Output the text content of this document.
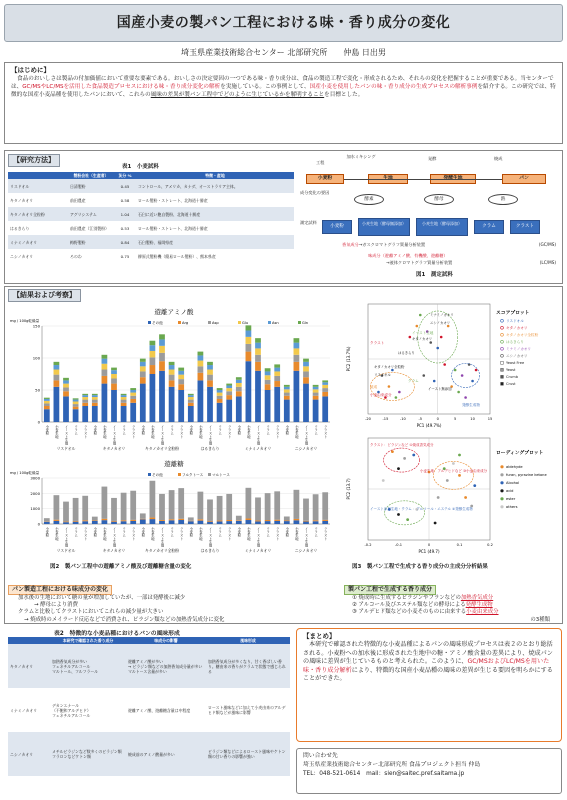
国産小麦の製パン工程における味・香り成分の変化
埼玉県産業技術総合センター 北部研究所　　仲島 日出男
【はじめに】
食品のおいしさは製品の付加価値において重要な要素である。おいしさの決定要因の一つである味・香り成分は、食品の製造工程で変化・形成されるため、それらの変化を把握することが重要である。当センターでは、GC/MSやLC/MSを活用した食品製造プロセスにおける味・香り成分変化の解析を実施している。この事例として、国産小麦を使用したパンの味・香り成分の生成プロセスの解析事例を紹介する。この研究では、特徴的な国産小麦品種を使用したパンにおいて、これらの風味の差異が製パン工程中でどのように生じているかを解明することを目標とした。
【研究方法】
表1　小麦試料
	製粉会社（生産者）	灰分 %	特徴・産地
リスドオル	日清製粉	0.45	コントロール、アメリカ、カナダ、オーストラリア主体。
キタノカオリ	前田農産	0.58	ロール製粉・ストレート、北海道十勝産
キタノカオリ全粒粉	アグリシステム	1.04	石臼に近い飽自製粉、北海道十勝産
はるきらり	前田農産（江別製粉）	0.53	ロール製粉・ストレート、北海道十勝産
ミナミノカオリ	梅野製粉	0.84	石臼製粉、福岡県産
ニシノカオリ	ろのわ	0.75	柳原式製粉機（簡易ロール製粉）、熊本県産
工程
加水ミキシング	発酵	焼成
小麦粉	パン
成分変化の要因
酵素	酵母	熱
測定試料
小麦粉
小麦生地（酵母無添加）	小麦生地（酵母添加）
クラム	クラスト
香気成分→ガスクロマトグラフ質量分析装置	(GC/MS)
味成分（遊離アミノ酸、有機酸、遊離糖）
→液体クロマトグラフ質量分析装置	(LC/MS)
図1　測定試料
【結果および考察】
遊離アミノ酸
mg / 100g乾燥量
0
50
100
150
その他	Arg	Asp	Glu	Asn	Gln
小麦粉 小麦生地 イースト生地 クラム クラスト
リスドオル
小麦粉 小麦生地 イースト生地 クラム クラスト
キタノカオリ
小麦粉 小麦生地 イースト生地 クラム クラスト
キタノカオリ全粒粉
小麦粉 小麦生地 イースト生地 クラム クラスト
はるきらり
小麦粉 小麦生地 イースト生地 クラム クラスト
ミナミノカオリ
小麦粉 小麦生地 イースト生地 クラム クラスト
ニシノカオリ
遊離糖
mg / 100g乾燥量
0
1000
2000
3000
その他	フルクトース マルトース
小麦粉 小麦生地 イースト生地 クラム クラスト
リスドオル
小麦粉 小麦生地 イースト生地 クラム クラスト
キタノカオリ
小麦粉 小麦生地 イースト生地 クラム クラスト
キタノカオリ全粒粉
小麦粉 小麦生地 イースト生地 クラム クラスト
はるきらり
小麦粉 小麦生地 イースト生地 クラム クラスト
ミナミノカオリ
小麦粉 小麦生地 イースト生地 クラム クラスト
ニシノカオリ
図2　製パン工程中の遊離アミノ酸及び遊離糖含量の変化
-20	-15	-10	-5	0	5	10	15
PC1 (49.7%)
PC2 (13.7%)
小麦由来成分
イースト生地
クラム
クラスト
発酵生成物
焼成
ミナミノカオリ
ニシノカオリ
キタノカオリ
はるきらり
キタノカオリ全粒粉
リスドオル
イースト無添加
スコアプロット
リスドオル
キタノカオリ
キタノカオリ全粒粉
はるきらり
ミナミノカオリ
ニシノカオリ
Yeast Free
Yeast
Crumb
Crust
-0.2	-0.1	0	0.1	0.2
PC1 (49.7)
PC2 (13.7)
クラスト：ピラジンなど ①焼成香気成分
小麦生地：アルデヒドなど ③小麦由来成分
イースト添加生地・クラム ：アルコール・エステル ②発酵生成物
ローディングプロット
aldehyde
furan, pyrazine ketone
Alcohol
acid
ester
others
図3　製パン工程で生成する香り成分の主成分分析結果
パン製造工程における味成分の変化
加水後の生地において糖の量が増加していたが、一部は発酵後に減少
→ 酵母により消費
クラムと比較してクラストにおいてこれらの減少量が大きい
→ 焼成時のメイラード反応などで消費され、ピラジン類などの加熱香気成分に変化
製パン工程で生成する香り成分
① 焼成時に生成するピラジンやフランなどの加熱香気成分
② アルコール及びエステル類などの酵母による発酵生成物
③ アルデヒド類などの小麦そのものに由来する小麦由来成分
の3種類
表2　特徴的な小麦品種におけるパンの風味形成
	本研究で確認された香り成分	味成分の影響	風味形成
キタノカオリ	加熱香気成分が多い
フェネチルアルコール
マルトール、フルフラール	遊離アミノ酸が多い
→ ピラジン類などの加熱香気成分量が多い
マルトース含量が多い	加熱香気成分が多くなり、甘く香ばしい香り。糖由来の香りがクラムで状態で感じられる
ミナミノカオリ	デカンエナール
（不飽和アルデヒド）
フェネチルアルコール	遊離アミノ酸、遊離糖含量は中程度	ロースト風味などに加えて小麦由来のアルデヒド類などが風味に影響
ニシノカオリ	メチルピラジンなど数多くのピラジン類
フラロンなどケトン類	焼成前のアミノ酸量が多い	ピラジン類などによるロースト風味やケトン類の甘い香りの影響が強い
【まとめ】
本研究で確認された特徴的な小麦品種によるパンの風味形成プロセスは表２のとおり総括される。小麦粉への加水後に形成された生地中の糖・アミノ酸含量の差異により、焼成パンの風味に差異が生じているものと考えられた。このように、GC/MSおよびLC/MSを用いた味・香り成分解析により、特徴的な国産小麦品種の風味の差異が生じる要因を明らかにすることができた。
問い合わせ先
埼玉県産業技術総合センター北部研究所 食品プロジェクト担当 仲島
TEL：048-521-0614　mail：sien@saitec.pref.saitama.jp
